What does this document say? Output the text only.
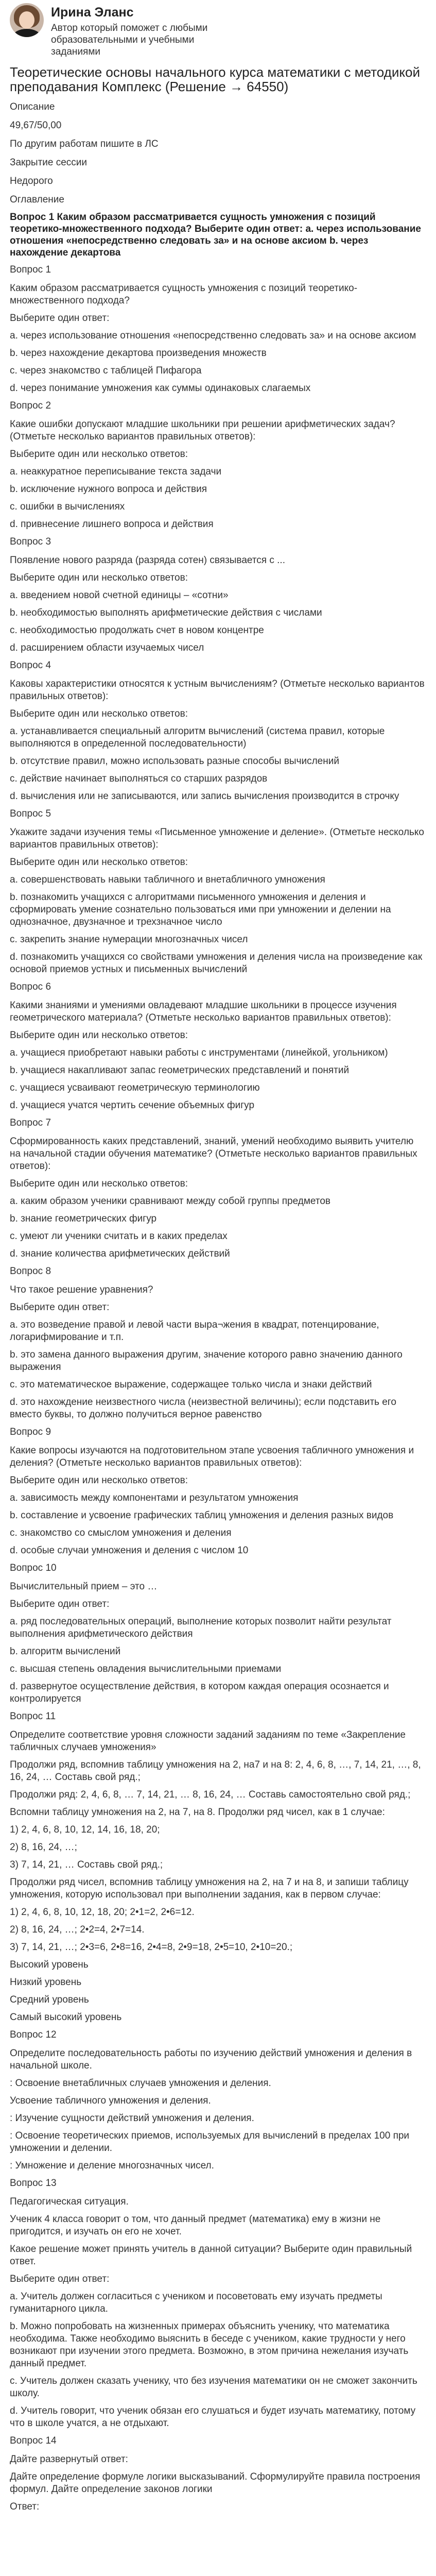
Ирина Эланс
Автор который поможет с любыми образовательными и учебными заданиями
Теоретические основы начального курса математики с методикой преподавания Комплекс (Решение → 64550)
Описание
49,67/50,00
По другим работам пишите в ЛС
Закрытие сессии
Недорого
Оглавление
Вопрос 1 Каким образом рассматривается сущность умножения с позиций теоретико-множественного подхода? Выберите один ответ: a. через использование отношения «непосредственно следовать за» и на основе аксиом b. через нахождение декартова
Вопрос 1
Каким образом рассматривается сущность умножения с позиций теоретико-множественного подхода?
Выберите один ответ:
a. через использование отношения «непосредственно следовать за» и на основе аксиом
b. через нахождение декартова произведения множеств
c. через знакомство с таблицей Пифагора
d. через понимание умножения как суммы одинаковых слагаемых
Вопрос 2
Какие ошибки допускают младшие школьники при решении арифметических задач? (Отметьте несколько вариантов правильных ответов):
Выберите один или несколько ответов:
a. неаккуратное переписывание текста задачи
b. исключение нужного вопроса и действия
c. ошибки в вычислениях
d. привнесение лишнего вопроса и действия
Вопрос 3
Появление нового разряда (разряда сотен) связывается с ...
Выберите один или несколько ответов:
a. введением новой счетной единицы – «сотни»
b. необходимостью выполнять арифметические действия с числами
c. необходимостью продолжать счет в новом концентре
d. расширением области изучаемых чисел
Вопрос 4
Каковы характеристики относятся к устным вычислениям? (Отметьте несколько вариантов правильных ответов):
Выберите один или несколько ответов:
a. устанавливается специальный алгоритм вычислений (система правил, которые выполняются в определенной последовательности)
b. отсутствие правил, можно использовать разные способы вычислений
c. действие начинает выполняться со старших разрядов
d. вычисления или не записываются, или запись вычисления производится в строчку
Вопрос 5
Укажите задачи изучения темы «Письменное умножение и деление». (Отметьте несколько вариантов правильных ответов):
Выберите один или несколько ответов:
a. совершенствовать навыки табличного и внетабличного умножения
b. познакомить учащихся с алгоритмами письменного умножения и деления и сформировать умение сознательно пользоваться ими при умножении и делении на однозначное, двузначное и трехзначное число
c. закрепить знание нумерации многозначных чисел
d. познакомить учащихся со свойствами умножения и деления числа на произведение как основой приемов устных и письменных вычислений
Вопрос 6
Какими знаниями и умениями овладевают младшие школьники в процессе изучения геометрического материала? (Отметьте несколько вариантов правильных ответов):
Выберите один или несколько ответов:
a. учащиеся приобретают навыки работы с инструментами (линейкой, угольником)
b. учащиеся накапливают запас геометрических представлений и понятий
c. учащиеся усваивают геометрическую терминологию
d. учащиеся учатся чертить сечение объемных фигур
Вопрос 7
Сформированность каких представлений, знаний, умений необходимо выявить учителю на начальной стадии обучения математике? (Отметьте несколько вариантов правильных ответов):
Выберите один или несколько ответов:
a. каким образом ученики сравнивают между собой группы предметов
b. знание геометрических фигур
c. умеют ли ученики считать и в каких пределах
d. знание количества арифметических действий
Вопрос 8
Что такое решение уравнения?
Выберите один ответ:
a. это возведение правой и левой части выра¬жения в квадрат, потенцирование, логарифмирование и т.п.
b. это замена данного выражения другим, значение которого равно значению данного выражения
c. это математическое выражение, содержащее только числа и знаки действий
d. это нахождение неизвестного числа (неизвестной величины); если подставить его вместо буквы, то должно получиться верное равенство
Вопрос 9
Какие вопросы изучаются на подготовительном этапе усвоения табличного умножения и деления? (Отметьте несколько вариантов правильных ответов):
Выберите один или несколько ответов:
a. зависимость между компонентами и результатом умножения
b. составление и усвоение графических таблиц умножения и деления разных видов
c. знакомство со смыслом умножения и деления
d. особые случаи умножения и деления с числом 10
Вопрос 10
Вычислительный прием – это …
Выберите один ответ:
a. ряд последовательных операций, выполнение которых позволит найти результат выполнения арифметического действия
b. алгоритм вычислений
c. высшая степень овладения вычислительными приемами
d. развернутое осуществление действия, в котором каждая операция осознается и контролируется
Вопрос 11
Определите соответствие уровня сложности заданий заданиям по теме «Закрепление табличных случаев умножения»
Продолжи ряд, вспомнив таблицу умножения на 2, на7 и на 8: 2, 4, 6, 8, …, 7, 14, 21, …, 8, 16, 24, … Составь свой ряд.;
Продолжи ряд: 2, 4, 6, 8, … 7, 14, 21, … 8, 16, 24, … Составь самостоятельно свой ряд.;
Вспомни таблицу умножения на 2, на 7, на 8. Продолжи ряд чисел, как в 1 случае:
1) 2, 4, 6, 8, 10, 12, 14, 16, 18, 20;
2) 8, 16, 24, …;
3) 7, 14, 21, … Составь свой ряд.;
Продолжи ряд чисел, вспомнив таблицу умножения на 2, на 7 и на 8, и запиши таблицу умножения, которую использовал при выполнении задания, как в первом случае:
1) 2, 4, 6, 8, 10, 12, 18, 20; 2•1=2, 2•6=12.
2) 8, 16, 24, …; 2•2=4, 2•7=14.
3) 7, 14, 21, …; 2•3=6, 2•8=16, 2•4=8, 2•9=18, 2•5=10, 2•10=20.;
Высокий уровень
Низкий уровень
Средний уровень
Самый высокий уровень
Вопрос 12
Определите последовательность работы по изучению действий умножения и деления в начальной школе.
: Освоение внетабличных случаев умножения и деления.
Усвоение табличного умножения и деления.
: Изучение сущности действий умножения и деления.
: Освоение теоретических приемов, используемых для вычислений в пределах 100 при умножении и делении.
: Умножение и деление многозначных чисел.
Вопрос 13
Педагогическая ситуация.
Ученик 4 класса говорит о том, что данный предмет (математика) ему в жизни не пригодится, и изучать он его не хочет.
Какое решение может принять учитель в данной ситуации? Выберите один правильный ответ.
Выберите один ответ:
a. Учитель должен согласиться с учеником и посоветовать ему изучать предметы гуманитарного цикла.
b. Можно попробовать на жизненных примерах объяснить ученику, что математика необходима. Также необходимо выяснить в беседе с учеником, какие трудности у него возникают при изучении этого предмета. Возможно, в этом причина нежелания изучать данный предмет.
c. Учитель должен сказать ученику, что без изучения математики он не сможет закончить школу.
d. Учитель говорит, что ученик обязан его слушаться и будет изучать математику, потому что в школе учатся, а не отдыхают.
Вопрос 14
Дайте развернутый ответ:
Дайте определение формуле логики высказываний. Сформулируйте правила построения формул. Дайте определение законов логики
Ответ:
